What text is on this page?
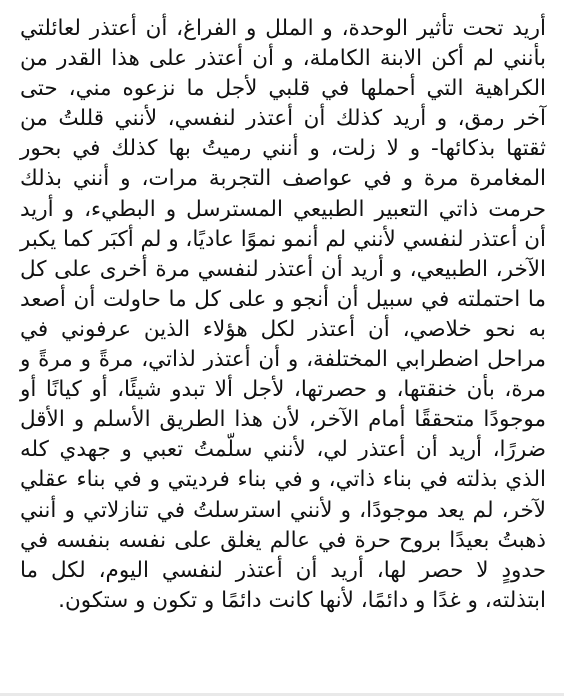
أريد تحت تأثير الوحدة، و الملل و الفراغ، أن أعتذر لعائلتي بأنني لم أكن الابنة الكاملة، و أن أعتذر على هذا القدر من الكراهية التي أحملها في قلبي لأجل ما نزعوه مني، حتى آخر رمق، و أريد كذلك أن أعتذر لنفسي، لأنني قللتُ من ثقتها بذكائها- و لا زلت، و أنني رميتُ بها كذلك في بحور المغامرة مرة و في عواصف التجربة مرات، و أنني بذلك حرمت ذاتي التعبير الطبيعي المسترسل و البطيء، و أريد أن أعتذر لنفسي لأنني لم أنمو نموًا عاديًا، و لم أكبَر كما يكبر الآخر، الطبيعي، و أريد أن أعتذر لنفسي مرة أخرى على كل ما احتملته في سبيل أن أنجو و على كل ما حاولت أن أصعد به نحو خلاصي، أن أعتذر لكل هؤلاء الذين عرفوني في مراحل اضطرابي المختلفة، و أن أعتذر لذاتي، مرةً و مرةً و مرة، بأن خنقتها، و حصرتها، لأجل ألا تبدو شيئًا، أو كيانًا أو موجودًا متحققًا أمام الآخر، لأن هذا الطريق الأسلم و الأقل ضررًا، أريد أن أعتذر لي، لأنني سلّمتُ تعبي و جهدي كله الذي بذلته في بناء ذاتي، و في بناء فرديتي و في بناء عقلي لآخر، لم يعد موجودًا، و لأنني استرسلتُ في تنازلاتي و أنني ذهبتُ بعيدًا بروح حرة في عالم يغلق على نفسه بنفسه في حدودٍ لا حصر لها، أريد أن أعتذر لنفسي اليوم، لكل ما ابتذلته، و غدًا و دائمًا، لأنها كانت دائمًا و تكون و ستكون.
